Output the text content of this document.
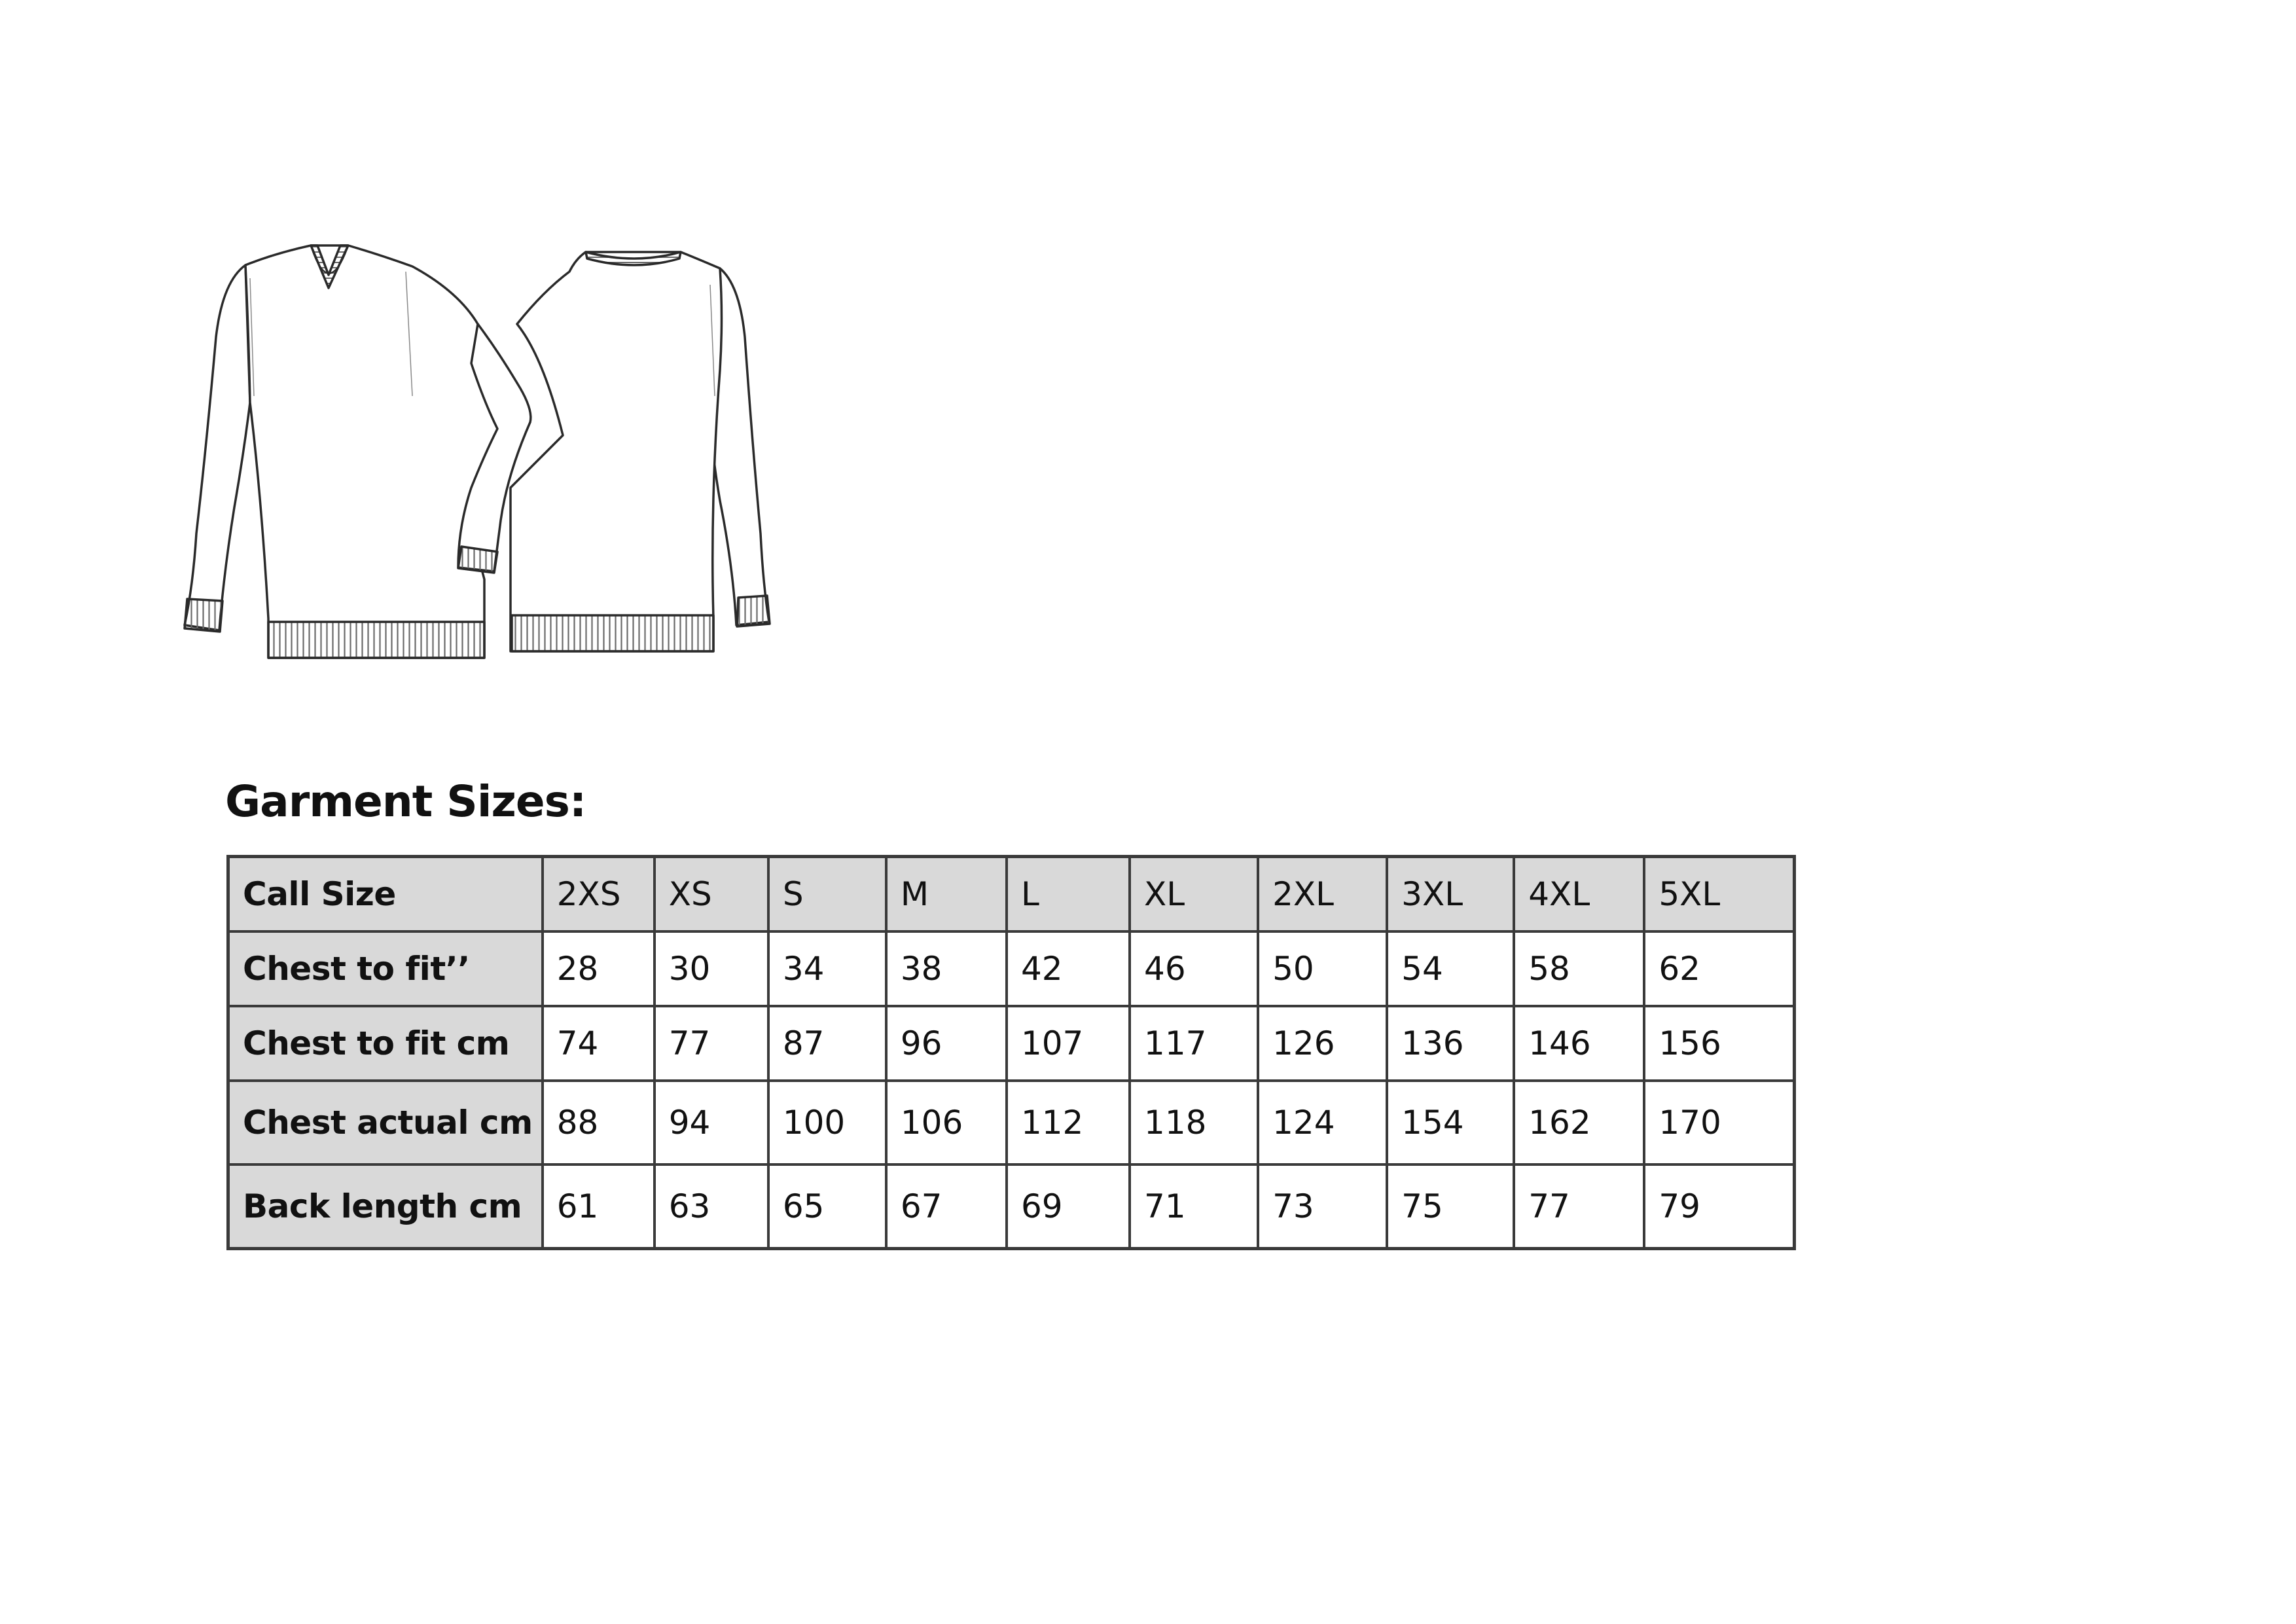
Garment Sizes:
Call Size	2XS	XS	S	M	L	XL	2XL	3XL	4XL	5XL
Chest to fit’’	28	30	34	38	42	46	50	54	58	62
Chest to fit cm	74	77	87	96	107	117	126	136	146	156
Chest actual cm	88	94	100	106	112	118	124	154	162	170
Back length cm	61	63	65	67	69	71	73	75	77	79
